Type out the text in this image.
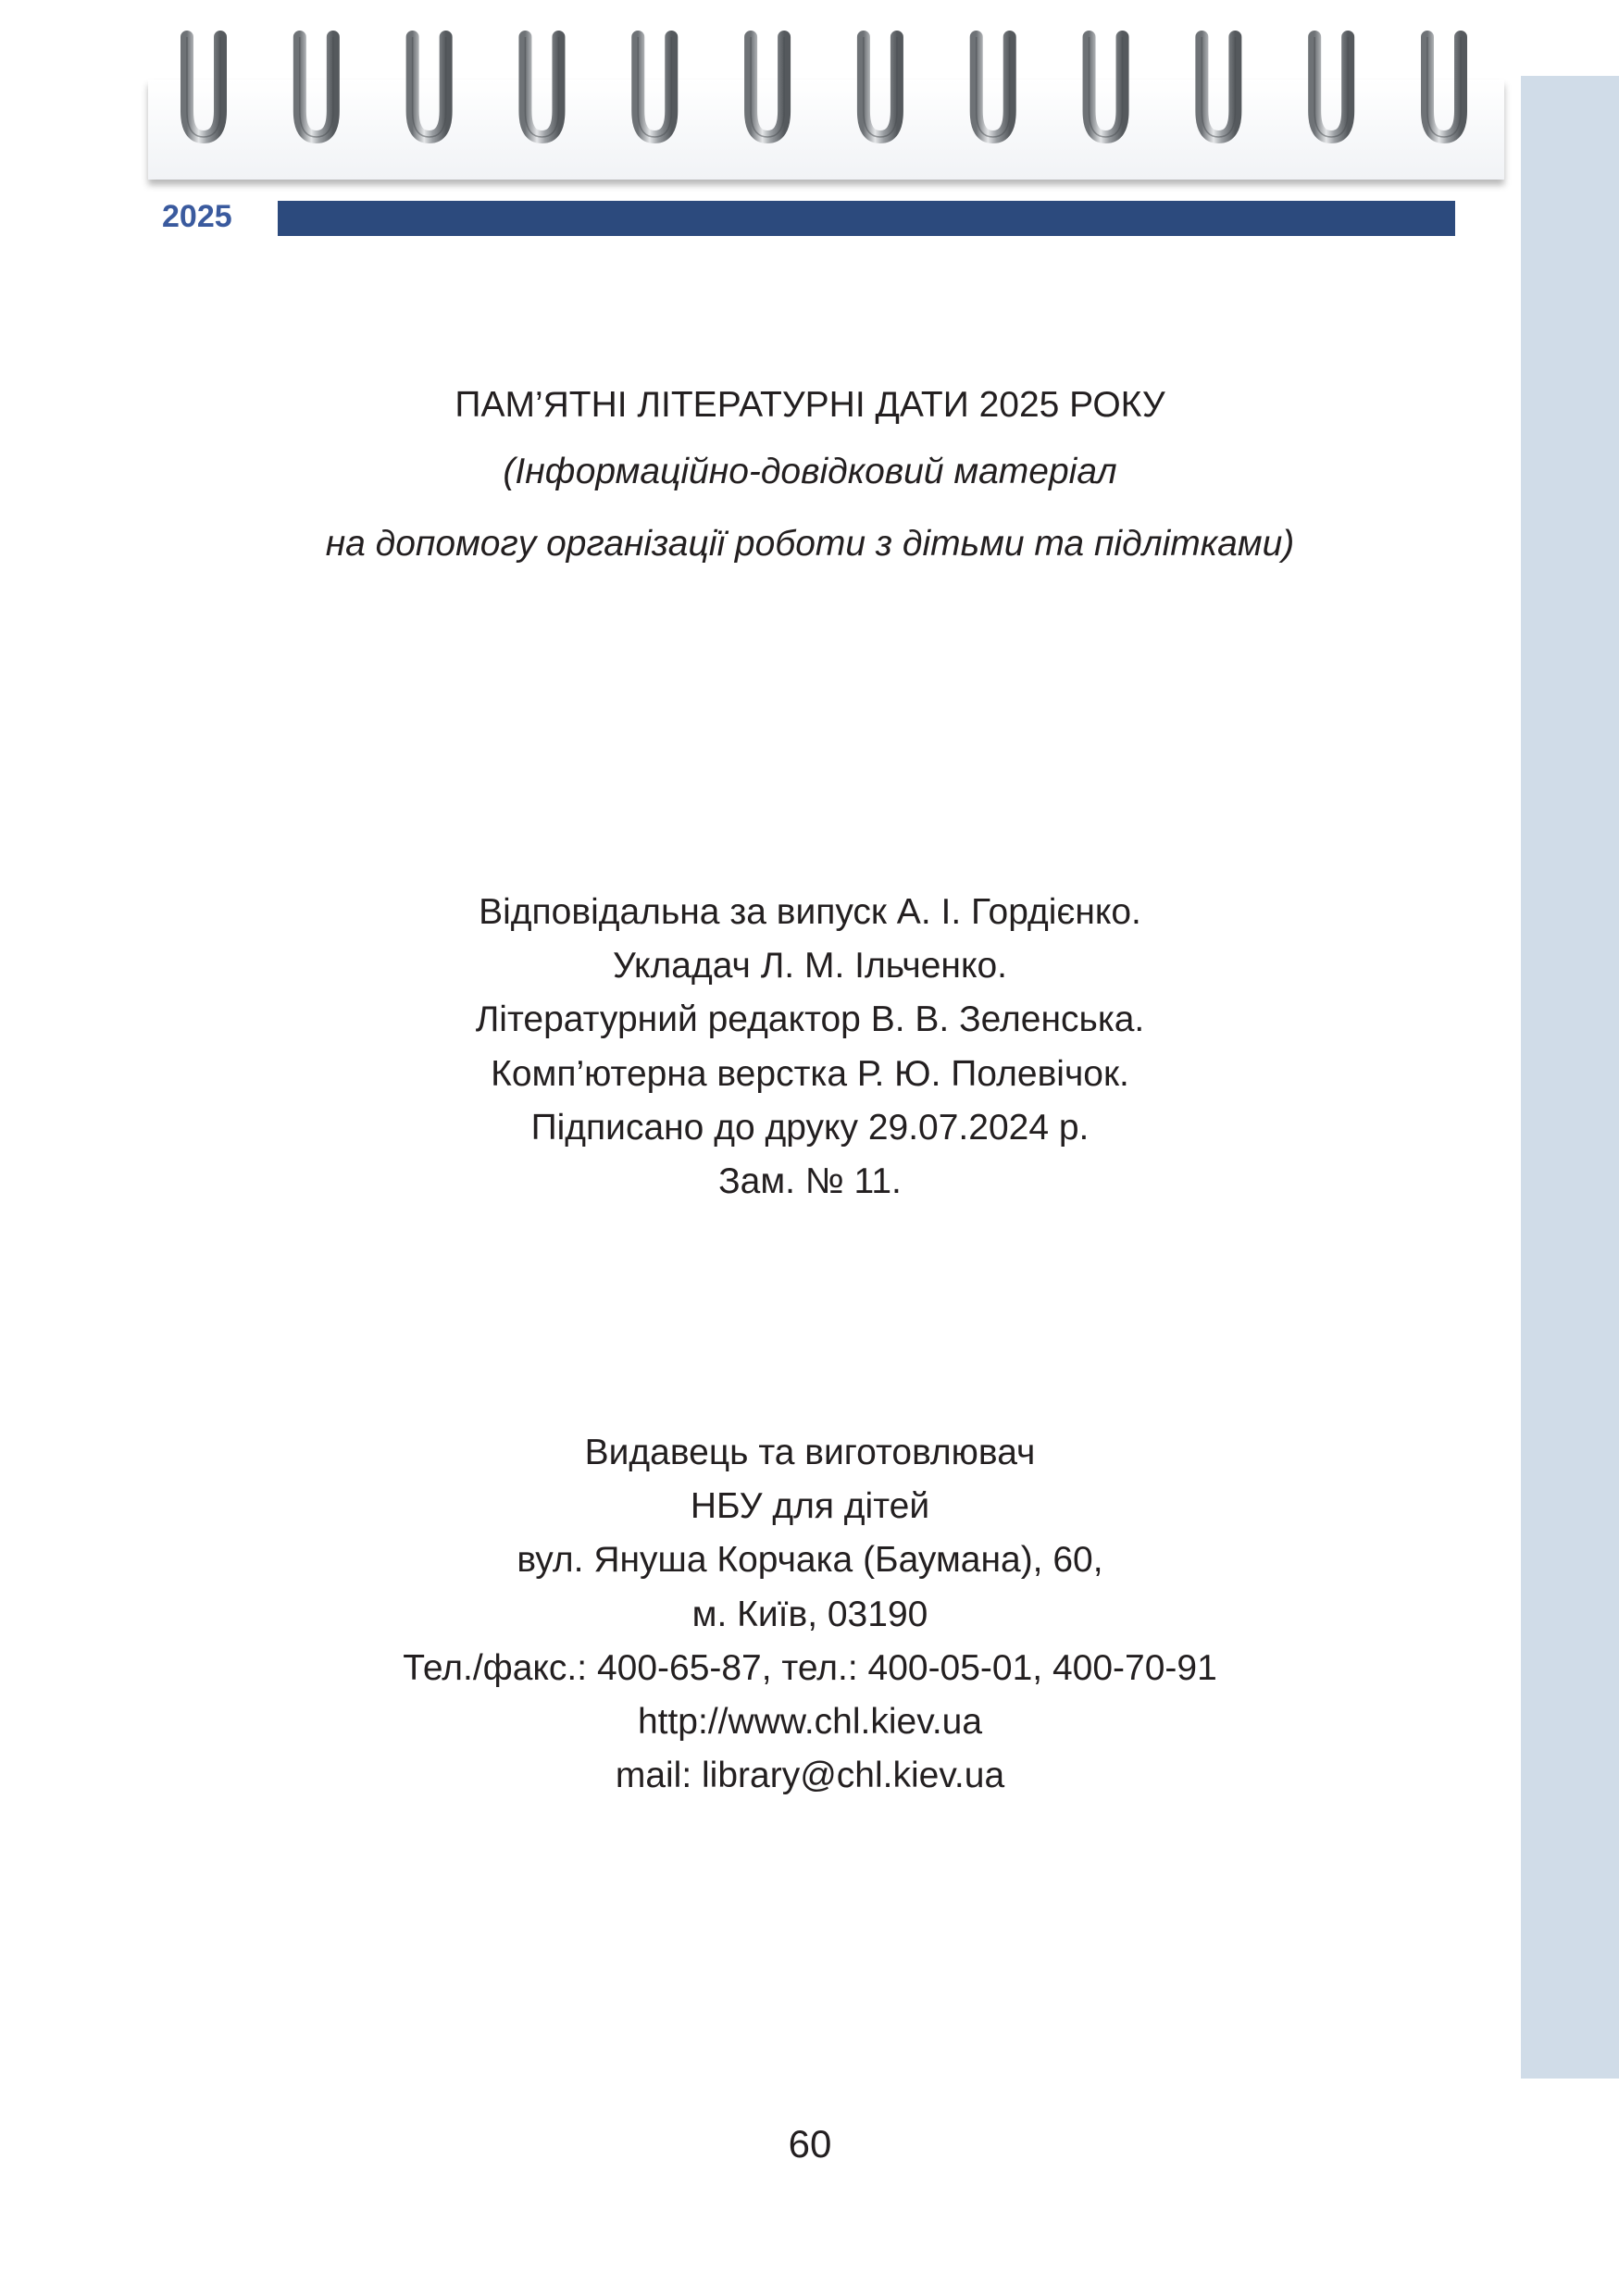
2025
ПАМ’ЯТНІ ЛІТЕРАТУРНІ ДАТИ 2025 РОКУ
(Інформаційно-довідковий матеріал
на допомогу організації роботи з дітьми та підлітками)
Відповідальна за випуск А. І. Гордієнко.
Укладач Л. М. Ільченко.
Літературний редактор В. В. Зеленська.
Комп’ютерна верстка Р. Ю. Полевічок.
Підписано до друку 29.07.2024 р.
Зам. № 11.
Видавець та виготовлювач
НБУ для дітей
вул. Януша Корчака (Баумана), 60,
м. Київ, 03190
Тел./факс.: 400-65-87, тел.: 400-05-01, 400-70-91
http://www.chl.kiev.ua
mail: library@chl.kiev.ua
60
